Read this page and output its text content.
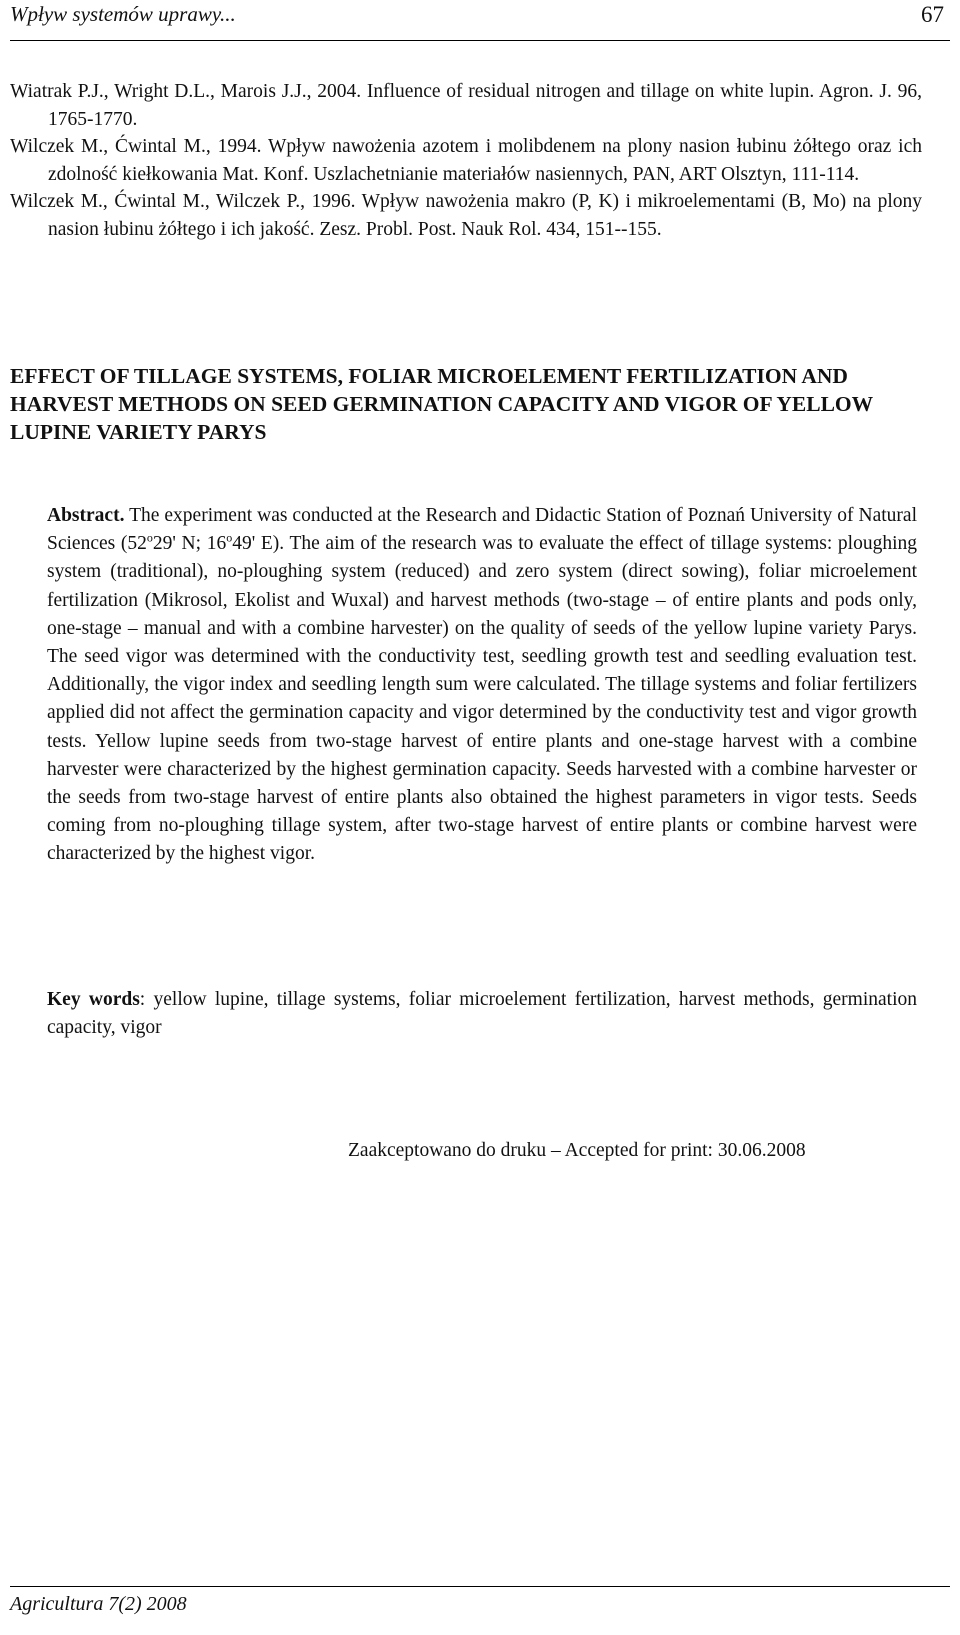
Wpływ systemów uprawy...	67

Wiatrak P.J., Wright D.L., Marois J.J., 2004. Influence of residual nitrogen and tillage on white lupin. Agron. J. 96, 1765-1770.

Wilczek M., Ćwintal M., 1994. Wpływ nawożenia azotem i molibdenem na plony nasion łubinu żółtego oraz ich zdolność kiełkowania Mat. Konf. Uszlachetnianie materiałów nasiennych, PAN, ART Olsztyn, 111-114.

Wilczek M., Ćwintal M., Wilczek P., 1996. Wpływ nawożenia makro (P, K) i mikroelementami (B, Mo) na plony nasion łubinu żółtego i ich jakość. Zesz. Probl. Post. Nauk Rol. 434, 151--155.

EFFECT OF TILLAGE SYSTEMS, FOLIAR MICROELEMENT FERTILIZATION AND HARVEST METHODS ON SEED GERMINATION CAPACITY AND VIGOR OF YELLOW LUPINE VARIETY PARYS

Abstract. The experiment was conducted at the Research and Didactic Station of Poznań University of Natural Sciences (52$^o$29' N; 16$^o$49' E). The aim of the research was to evaluate the effect of tillage systems: ploughing system (traditional), no-ploughing system (reduced) and zero system (direct sowing), foliar microelement fertilization (Mikrosol, Ekolist and Wuxal) and harvest methods (two-stage – of entire plants and pods only, one-stage – manual and with a combine harvester) on the quality of seeds of the yellow lupine variety Parys. The seed vigor was determined with the conductivity test, seedling growth test and seedling evaluation test. Additionally, the vigor index and seedling length sum were calculated. The tillage systems and foliar fertilizers applied did not affect the germination capacity and vigor determined by the conductivity test and vigor growth tests. Yellow lupine seeds from two-stage harvest of entire plants and one-stage harvest with a combine harvester were characterized by the highest germination capacity. Seeds harvested with a combine harvester or the seeds from two-stage harvest of entire plants also obtained the highest parameters in vigor tests. Seeds coming from no-ploughing tillage system, after two-stage harvest of entire plants or combine harvest were characterized by the highest vigor.

Key words: yellow lupine, tillage systems, foliar microelement fertilization, harvest methods, germination capacity, vigor

Zaakceptowano do druku – Accepted for print: 30.06.2008

Agricultura 7(2) 2008
